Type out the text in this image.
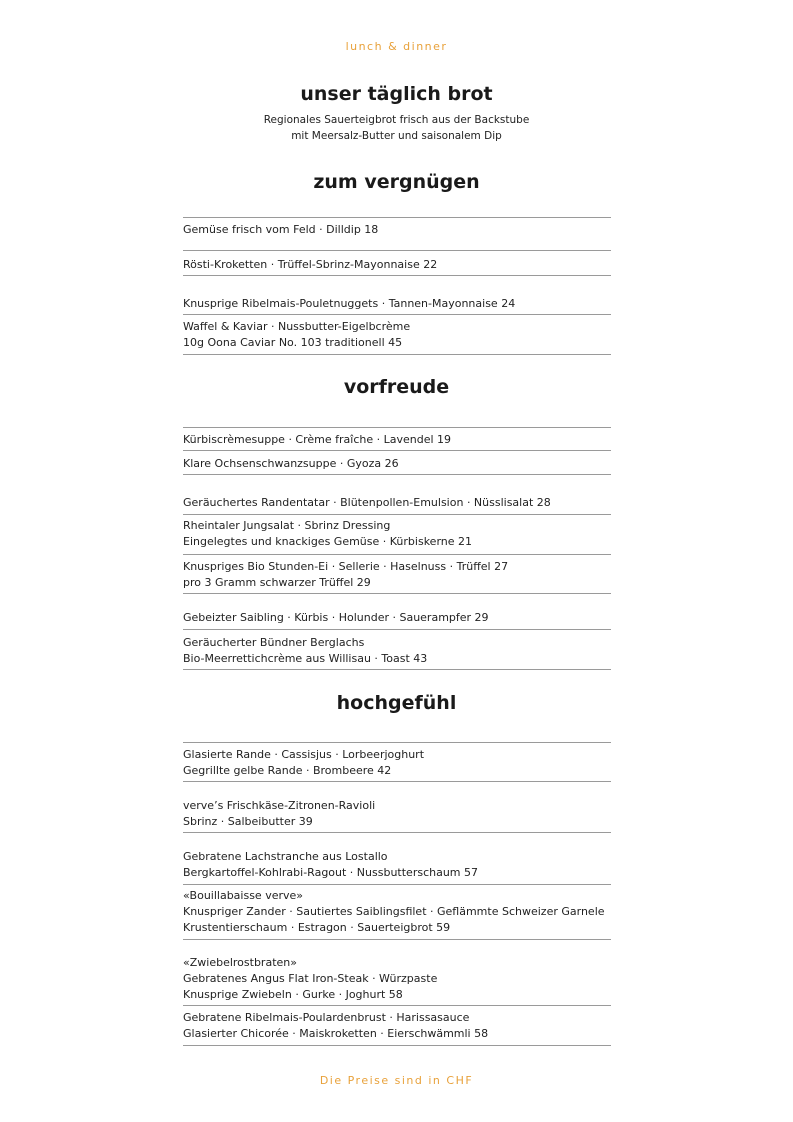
lunch & dinner
unser täglich brot
Regionales Sauerteigbrot frisch aus der Backstube
mit Meersalz-Butter und saisonalem Dip
zum vergnügen
Gemüse frisch vom Feld · Dilldip 18
Rösti-Kroketten · Trüffel-Sbrinz-Mayonnaise 22
Knusprige Ribelmais-Pouletnuggets · Tannen-Mayonnaise 24
Waffel & Kaviar · Nussbutter-Eigelbcrème
10g Oona Caviar No. 103 traditionell 45
vorfreude
Kürbiscrèmesuppe · Crème fraîche · Lavendel 19
Klare Ochsenschwanzsuppe · Gyoza 26
Geräuchertes Randentatar · Blütenpollen-Emulsion · Nüsslisalat 28
Rheintaler Jungsalat · Sbrinz Dressing
Eingelegtes und knackiges Gemüse · Kürbiskerne 21
Knuspriges Bio Stunden-Ei · Sellerie · Haselnuss · Trüffel 27
pro 3 Gramm schwarzer Trüffel 29
Gebeizter Saibling · Kürbis · Holunder · Sauerampfer 29
Geräucherter Bündner Berglachs
Bio-Meerrettichcrème aus Willisau · Toast 43
hochgefühl
Glasierte Rande · Cassisjus · Lorbeerjoghurt
Gegrillte gelbe Rande · Brombeere 42
verve’s Frischkäse-Zitronen-Ravioli
Sbrinz · Salbeibutter 39
Gebratene Lachstranche aus Lostallo
Bergkartoffel-Kohlrabi-Ragout · Nussbutterschaum 57
«Bouillabaisse verve»
Knuspriger Zander · Sautiertes Saiblingsfilet · Geflämmte Schweizer Garnele
Krustentierschaum · Estragon · Sauerteigbrot 59
«Zwiebelrostbraten»
Gebratenes Angus Flat Iron-Steak · Würzpaste
Knusprige Zwiebeln · Gurke · Joghurt 58
Gebratene Ribelmais-Poulardenbrust · Harissasauce
Glasierter Chicorée · Maiskroketten · Eierschwämmli 58
Die Preise sind in CHF
